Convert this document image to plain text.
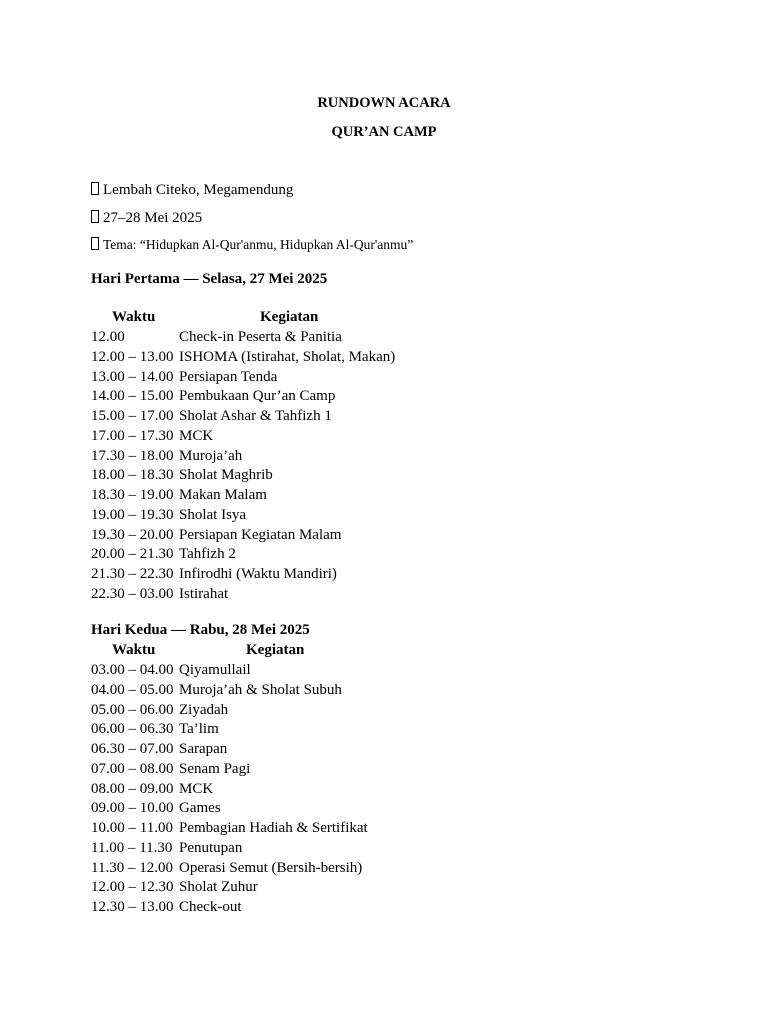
RUNDOWN ACARA
QUR’AN CAMP
Lembah Citeko, Megamendung
27–28 Mei 2025
Tema: “Hidupkan Al-Qur'anmu, Hidupkan Al-Qur'anmu”
Hari Pertama — Selasa, 27 Mei 2025
Waktu	Kegiatan
12.00	Check-in Peserta & Panitia
12.00 – 13.00 ISHOMA (Istirahat, Sholat, Makan)
13.00 – 14.00 Persiapan Tenda
14.00 – 15.00 Pembukaan Qur’an Camp
15.00 – 17.00 Sholat Ashar & Tahfizh 1
17.00 – 17.30 MCK
17.30 – 18.00 Muroja’ah
18.00 – 18.30 Sholat Maghrib
18.30 – 19.00 Makan Malam
19.00 – 19.30 Sholat Isya
19.30 – 20.00 Persiapan Kegiatan Malam
20.00 – 21.30 Tahfizh 2
21.30 – 22.30 Infirodhi (Waktu Mandiri)
22.30 – 03.00 Istirahat
Hari Kedua — Rabu, 28 Mei 2025
Waktu	Kegiatan
03.00 – 04.00 Qiyamullail
04.00 – 05.00 Muroja’ah & Sholat Subuh
05.00 – 06.00 Ziyadah
06.00 – 06.30 Ta’lim
06.30 – 07.00 Sarapan
07.00 – 08.00 Senam Pagi
08.00 – 09.00 MCK
09.00 – 10.00 Games
10.00 – 11.00 Pembagian Hadiah & Sertifikat
11.00 – 11.30 Penutupan
11.30 – 12.00 Operasi Semut (Bersih-bersih)
12.00 – 12.30 Sholat Zuhur
12.30 – 13.00 Check-out
